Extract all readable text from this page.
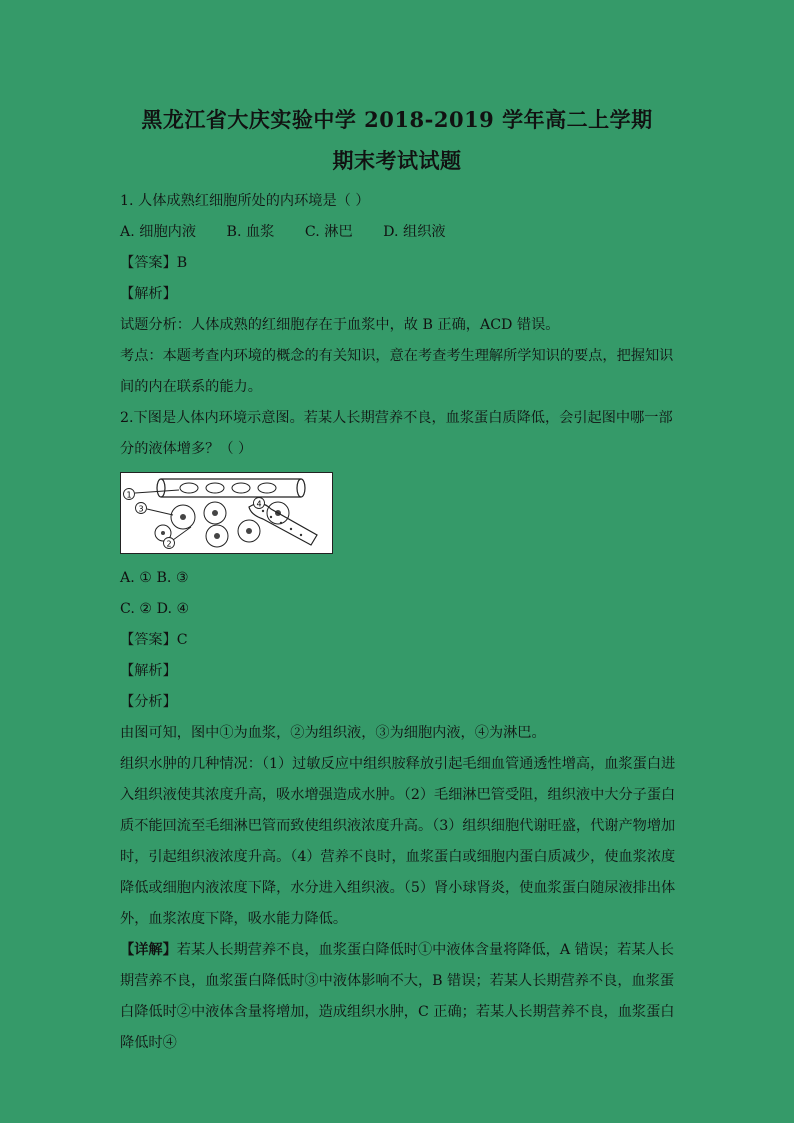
黑龙江省大庆实验中学 2018-2019 学年高二上学期
期末考试试题

1. 人体成熟红细胞所处的内环境是（ ）

A. 细胞内液 B. 血浆 C. 淋巴 D. 组织液

【答案】B

【解析】

试题分析：人体成熟的红细胞存在于血浆中，故 B 正确，ACD 错误。

考点：本题考查内环境的概念的有关知识，意在考查考生理解所学知识的要点，把握知识间的内在联系的能力。

2.下图是人体内环境示意图。若某人长期营养不良，血浆蛋白质降低，会引起图中哪一部分的液体增多？（ ）

1
3
2
4

A. ① B. ③

C. ② D. ④

【答案】C

【解析】

【分析】

由图可知，图中①为血浆，②为组织液，③为细胞内液，④为淋巴。

组织水肿的几种情况：（1）过敏反应中组织胺释放引起毛细血管通透性增高，血浆蛋白进入组织液使其浓度升高，吸水增强造成水肿。（2）毛细淋巴管受阻，组织液中大分子蛋白质不能回流至毛细淋巴管而致使组织液浓度升高。（3）组织细胞代谢旺盛，代谢产物增加时，引起组织液浓度升高。（4）营养不良时，血浆蛋白或细胞内蛋白质减少，使血浆浓度降低或细胞内液浓度下降，水分进入组织液。（5）肾小球肾炎，使血浆蛋白随尿液排出体外，血浆浓度下降，吸水能力降低。

【详解】若某人长期营养不良，血浆蛋白降低时①中液体含量将降低，A 错误；若某人长期营养不良，血浆蛋白降低时③中液体影响不大，B 错误；若某人长期营养不良，血浆蛋白降低时②中液体含量将增加，造成组织水肿，C 正确；若某人长期营养不良，血浆蛋白降低时④
